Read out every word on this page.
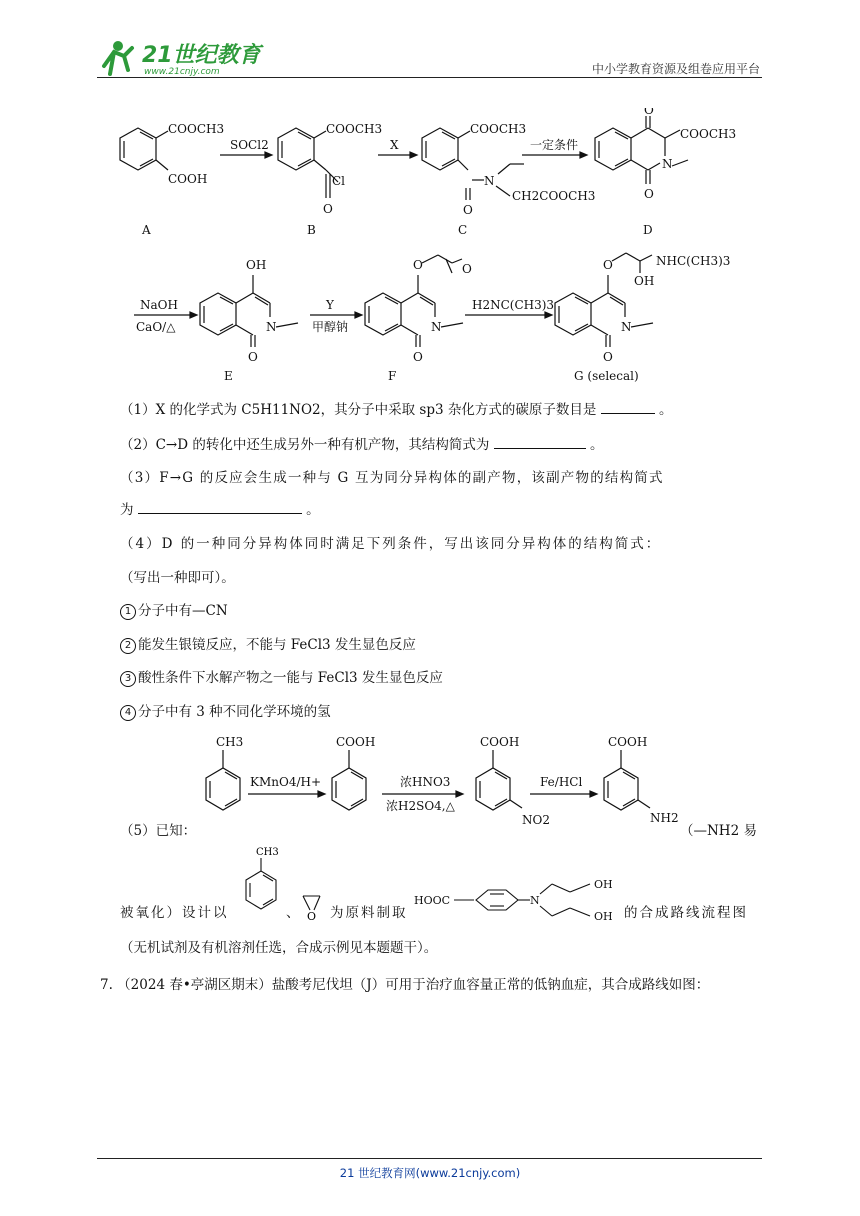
21世纪教育
www.21cnjy.com	中小学教育资源及组卷应用平台
COOCH3
COOH
SOCl2
COOCH3
Cl
O
X
COOCH3
N
O
CH2COOCH3
一定条件
O
COOCH3
N
O
A	B	C	D
NaOH
CaO/△
OH
N
O
Y
甲醇钠
O	O
N
O
H2NC(CH3)3
O
OH
NHC(CH3)3
N
O
E	F	G (selecal)
（1）X 的化学式为 C5H11NO2，其分子中采取 sp3 杂化方式的碳原子数目是	。
（2）C→D 的转化中还生成另外一种有机产物，其结构简式为	。
（3）F→G 的反应会生成一种与 G 互为同分异构体的副产物，该副产物的结构简式
为	。
（4）D 的一种同分异构体同时满足下列条件，写出该同分异构体的结构简式：
（写出一种即可）。
1 分子中有—CN
2 能发生银镜反应，不能与 FeCl3 发生显色反应
3 酸性条件下水解产物之一能与 FeCl3 发生显色反应
4 分子中有 3 种不同化学环境的氢
CH3
KMnO4/H+
COOH
浓HNO3
浓H2SO4,△
COOH
NO2
Fe/HCl
COOH
NH2
（5）已知：	（—NH2 易
CH3
O
HOOC	N
OH
OH
被氧化）设计以	、 为原料制取	的合成路线流程图
（无机试剂及有机溶剂任选，合成示例见本题题干）。
7. （2024 春•亭湖区期末）盐酸考尼伐坦（J）可用于治疗血容量正常的低钠血症，其合成路线如图：
21 世纪教育网(www.21cnjy.com)
